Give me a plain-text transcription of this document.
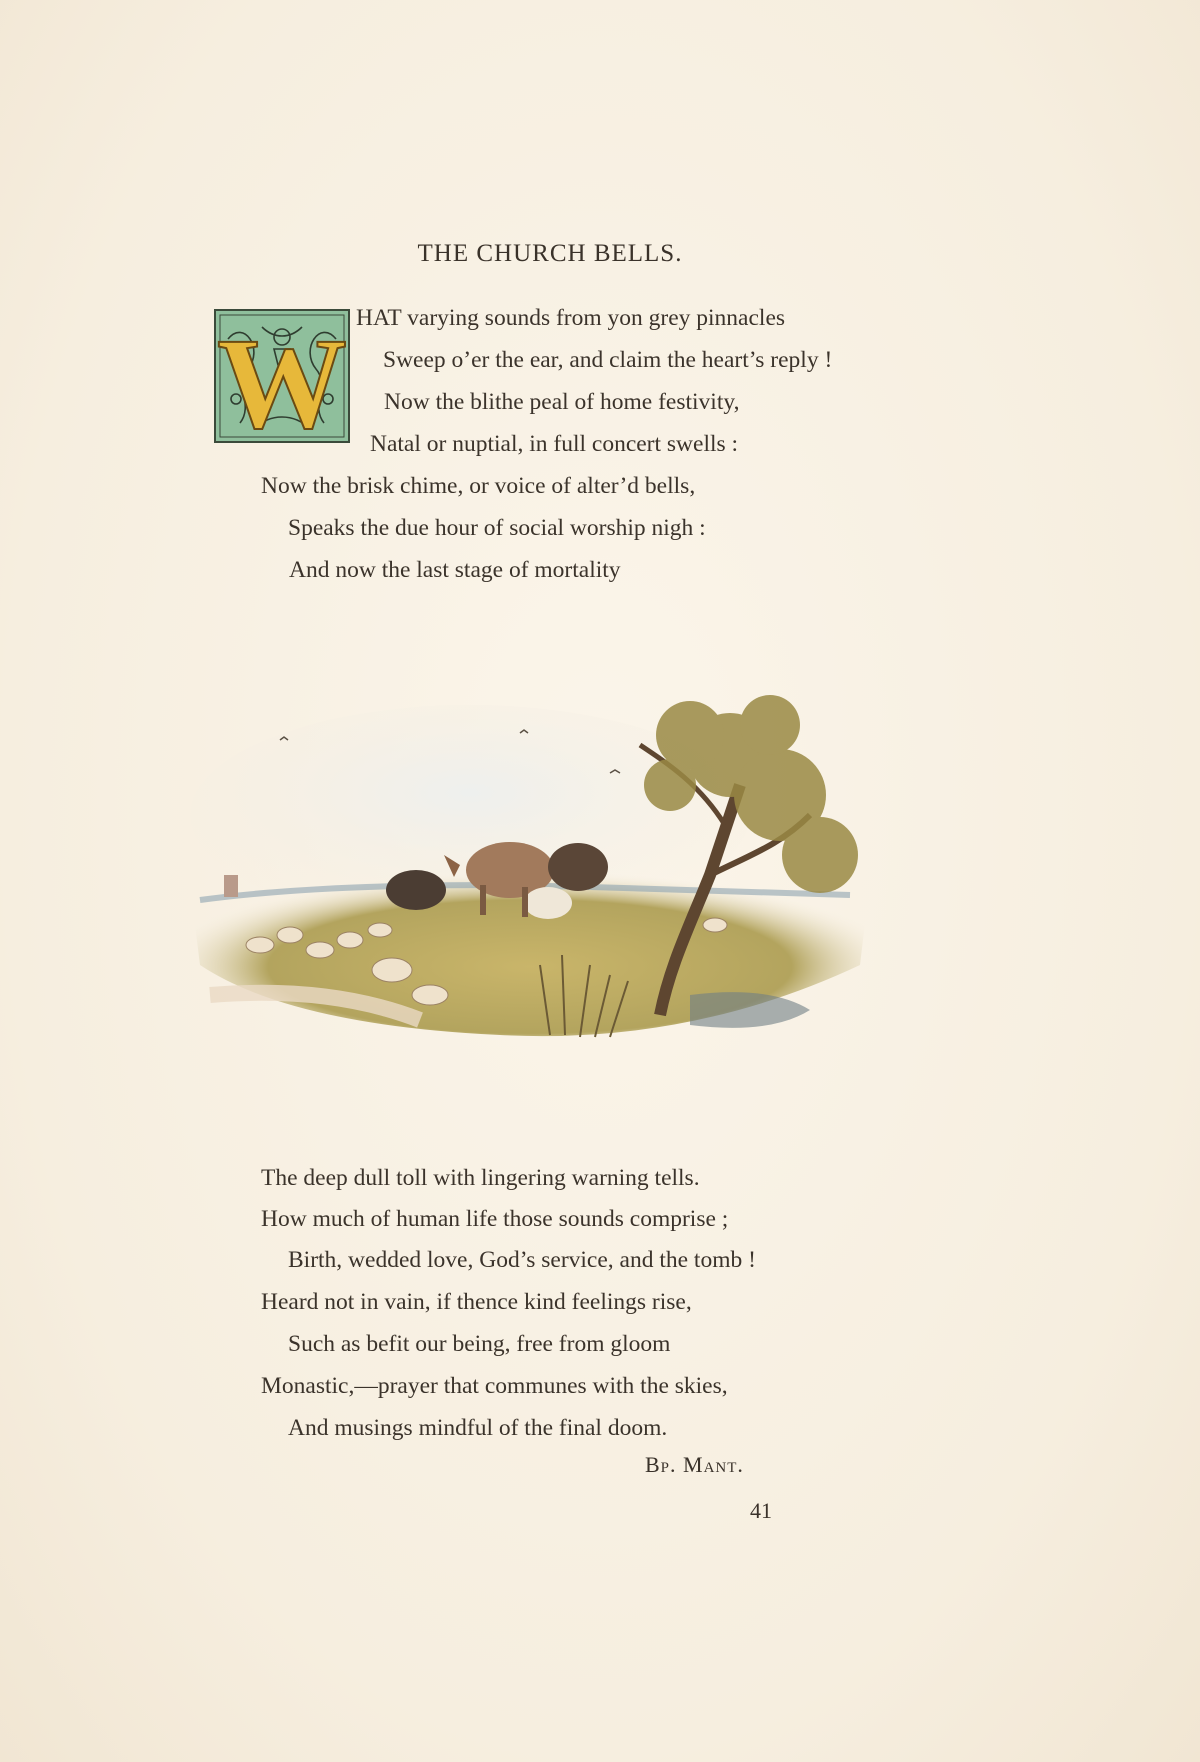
THE CHURCH BELLS.
W HAT varying sounds from yon grey pinnacles
Sweep o’er the ear, and claim the heart’s reply !
Now the blithe peal of home festivity,
Natal or nuptial, in full concert swells :
Now the brisk chime, or voice of alter’d bells,
Speaks the due hour of social worship nigh :
And now the last stage of mortality
The deep dull toll with lingering warning tells.
How much of human life those sounds comprise ;
Birth, wedded love, God’s service, and the tomb !
Heard not in vain, if thence kind feelings rise,
Such as befit our being, free from gloom
Monastic,—prayer that communes with the skies,
And musings mindful of the final doom.
Bp. Mant.
41
